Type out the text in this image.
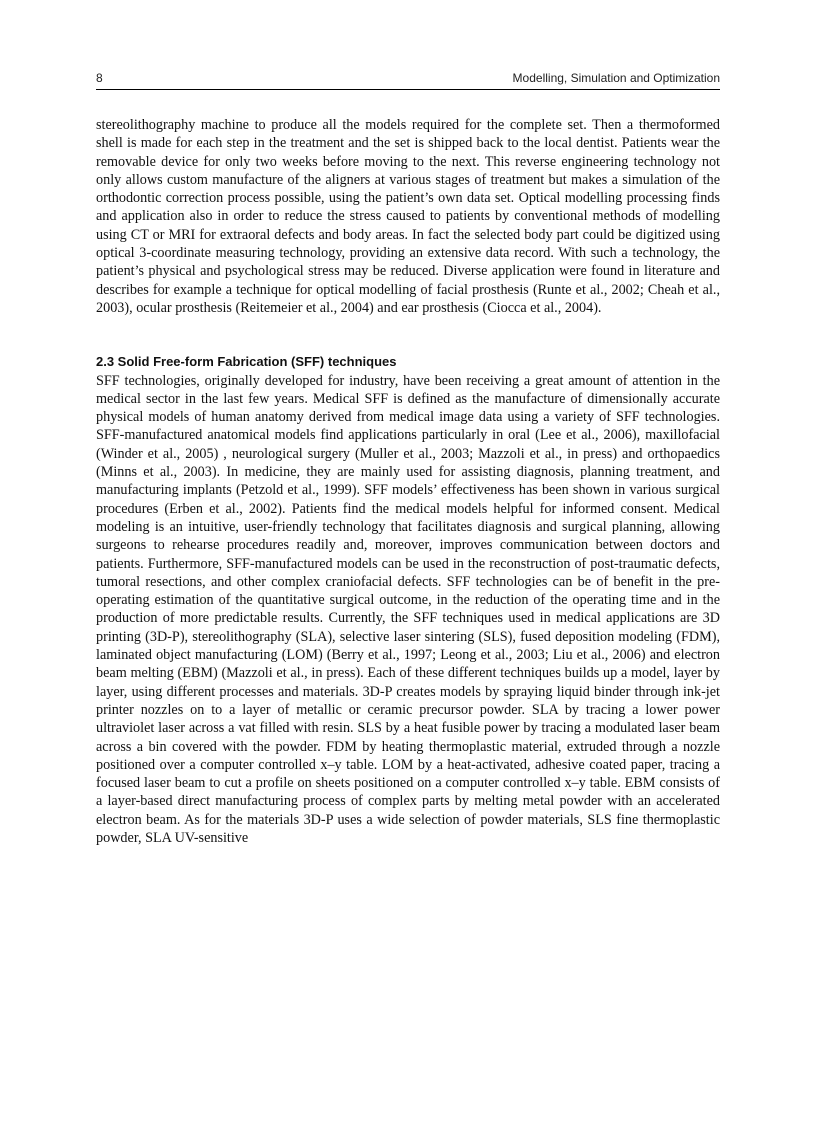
8	Modelling, Simulation and Optimization

stereolithography machine to produce all the models required for the complete set. Then a thermoformed shell is made for each step in the treatment and the set is shipped back to the local dentist. Patients wear the removable device for only two weeks before moving to the next. This reverse engineering technology not only allows custom manufacture of the aligners at various stages of treatment but makes a simulation of the orthodontic correction process possible, using the patient’s own data set. Optical modelling processing finds and application also in order to reduce the stress caused to patients by conventional methods of modelling using CT or MRI for extraoral defects and body areas. In fact the selected body part could be digitized using optical 3-coordinate measuring technology, providing an extensive data record. With such a technology, the patient’s physical and psychological stress may be reduced. Diverse application were found in literature and describes for example a technique for optical modelling of facial prosthesis (Runte et al., 2002; Cheah et al., 2003), ocular prosthesis (Reitemeier et al., 2004) and ear prosthesis (Ciocca et al., 2004).

2.3 Solid Free-form Fabrication (SFF) techniques

SFF technologies, originally developed for industry, have been receiving a great amount of attention in the medical sector in the last few years. Medical SFF is defined as the manufacture of dimensionally accurate physical models of human anatomy derived from medical image data using a variety of SFF technologies. SFF-manufactured anatomical models find applications particularly in oral (Lee et al., 2006), maxillofacial (Winder et al., 2005) , neurological surgery (Muller et al., 2003; Mazzoli et al., in press) and orthopaedics (Minns et al., 2003). In medicine, they are mainly used for assisting diagnosis, planning treatment, and manufacturing implants (Petzold et al., 1999). SFF models’ effectiveness has been shown in various surgical procedures (Erben et al., 2002). Patients find the medical models helpful for informed consent. Medical modeling is an intuitive, user-friendly technology that facilitates diagnosis and surgical planning, allowing surgeons to rehearse procedures readily and, moreover, improves communication between doctors and patients. Furthermore, SFF-manufactured models can be used in the reconstruction of post-traumatic defects, tumoral resections, and other complex craniofacial defects. SFF technologies can be of benefit in the pre-operating estimation of the quantitative surgical outcome, in the reduction of the operating time and in the production of more predictable results. Currently, the SFF techniques used in medical applications are 3D printing (3D-P), stereolithography (SLA), selective laser sintering (SLS), fused deposition modeling (FDM), laminated object manufacturing (LOM) (Berry et al., 1997; Leong et al., 2003; Liu et al., 2006) and electron beam melting (EBM) (Mazzoli et al., in press). Each of these different techniques builds up a model, layer by layer, using different processes and materials. 3D-P creates models by spraying liquid binder through ink-jet printer nozzles on to a layer of metallic or ceramic precursor powder. SLA by tracing a lower power ultraviolet laser across a vat filled with resin. SLS by a heat fusible power by tracing a modulated laser beam across a bin covered with the powder. FDM by heating thermoplastic material, extruded through a nozzle positioned over a computer controlled x–y table. LOM by a heat-activated, adhesive coated paper, tracing a focused laser beam to cut a profile on sheets positioned on a computer controlled x–y table. EBM consists of a layer-based direct manufacturing process of complex parts by melting metal powder with an accelerated electron beam. As for the materials 3D-P uses a wide selection of powder materials, SLS fine thermoplastic powder, SLA UV-sensitive
